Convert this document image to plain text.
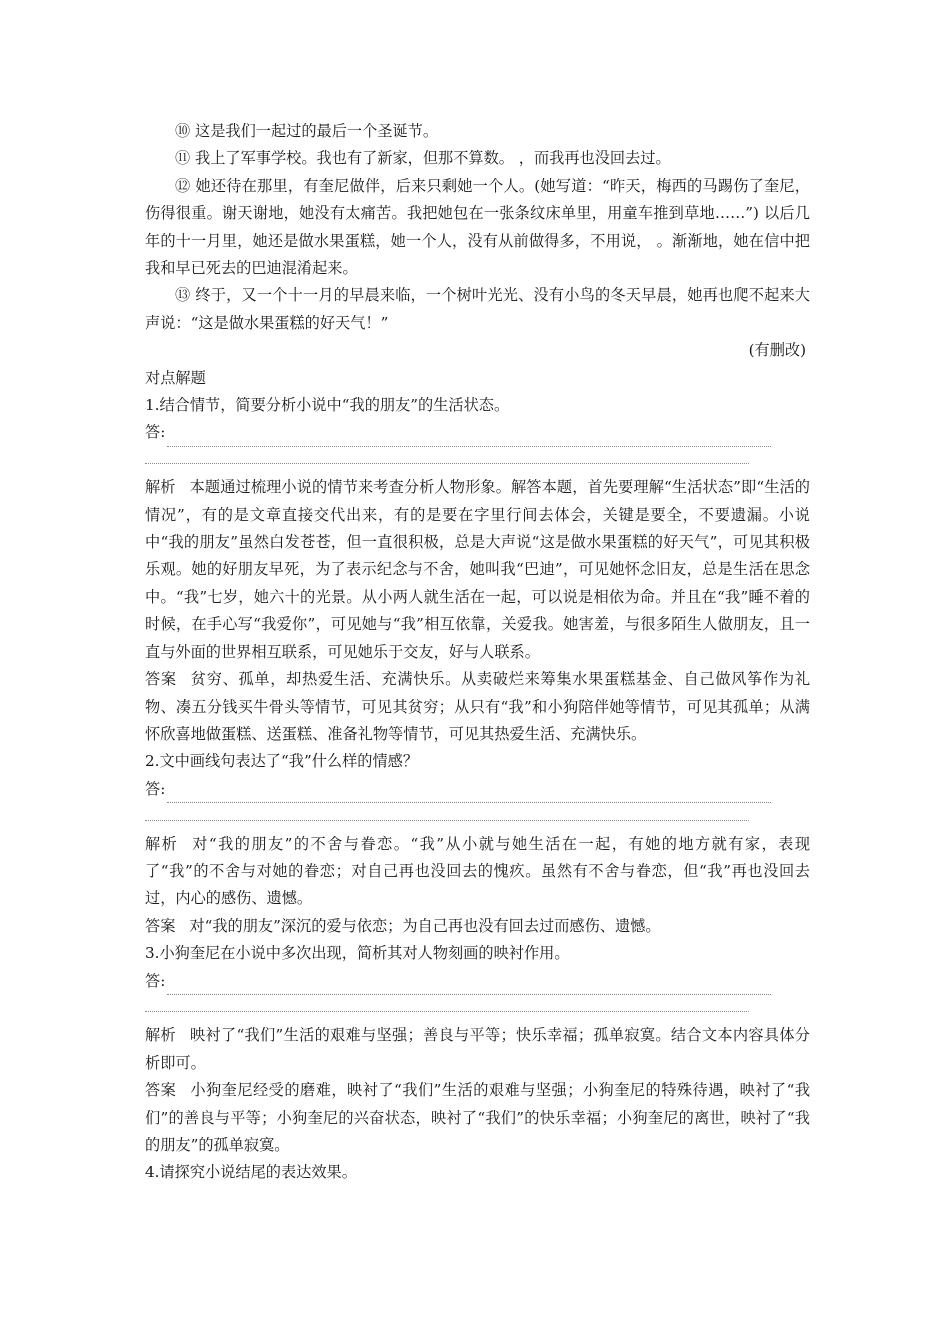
⑩ 这是我们一起过的最后一个圣诞节。

⑪ 我上了军事学校。我也有了新家，但那不算数。 ，而我再也没回去过。

⑫ 她还待在那里，有奎尼做伴，后来只剩她一个人。(她写道：“昨天，梅西的马踢伤了奎尼，伤得很重。谢天谢地，她没有太痛苦。我把她包在一张条纹床单里，用童车推到草地……”) 以后几年的十一月里，她还是做水果蛋糕，她一个人，没有从前做得多，不用说， 。渐渐地，她在信中把我和早已死去的巴迪混淆起来。

⑬ 终于，又一个十一月的早晨来临，一个树叶光光、没有小鸟的冬天早晨，她再也爬不起来大声说：“这是做水果蛋糕的好天气！”

(有删改)

对点解题

1.结合情节，简要分析小说中“我的朋友”的生活状态。

答:

解析 本题通过梳理小说的情节来考查分析人物形象。解答本题，首先要理解“生活状态”即“生活的情况”，有的是文章直接交代出来，有的是要在字里行间去体会，关键是要全，不要遗漏。小说中“我的朋友”虽然白发苍苍，但一直很积极，总是大声说“这是做水果蛋糕的好天气”，可见其积极乐观。她的好朋友早死，为了表示纪念与不舍，她叫我“巴迪”，可见她怀念旧友，总是生活在思念中。“我”七岁，她六十的光景。从小两人就生活在一起，可以说是相依为命。并且在“我”睡不着的时候，在手心写“我爱你”，可见她与“我”相互依靠，关爱我。她害羞，与很多陌生人做朋友，且一直与外面的世界相互联系，可见她乐于交友，好与人联系。

答案 贫穷、孤单，却热爱生活、充满快乐。从卖破烂来筹集水果蛋糕基金、自己做风筝作为礼物、凑五分钱买牛骨头等情节，可见其贫穷；从只有“我”和小狗陪伴她等情节，可见其孤单；从满怀欣喜地做蛋糕、送蛋糕、准备礼物等情节，可见其热爱生活、充满快乐。

2.文中画线句表达了“我”什么样的情感？

答:

解析 对“我的朋友”的不舍与眷恋。“我”从小就与她生活在一起，有她的地方就有家，表现了“我”的不舍与对她的眷恋；对自己再也没回去的愧疚。虽然有不舍与眷恋，但“我”再也没回去过，内心的感伤、遗憾。

答案 对“我的朋友”深沉的爱与依恋；为自己再也没有回去过而感伤、遗憾。

3.小狗奎尼在小说中多次出现，简析其对人物刻画的映衬作用。

答:

解析 映衬了“我们”生活的艰难与坚强；善良与平等；快乐幸福；孤单寂寞。结合文本内容具体分析即可。

答案 小狗奎尼经受的磨难，映衬了“我们”生活的艰难与坚强；小狗奎尼的特殊待遇，映衬了“我们”的善良与平等；小狗奎尼的兴奋状态，映衬了“我们”的快乐幸福；小狗奎尼的离世，映衬了“我的朋友”的孤单寂寞。

4.请探究小说结尾的表达效果。
